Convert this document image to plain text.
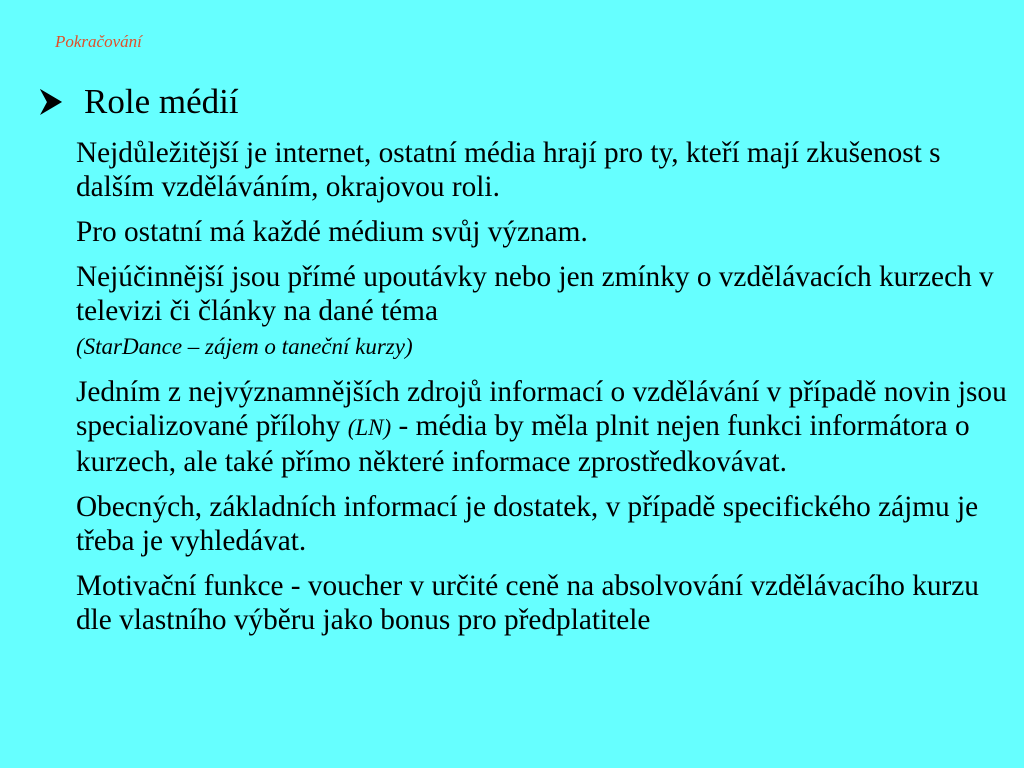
Pokračování

Role médií

Nejdůležitější je internet, ostatní média hrají pro ty, kteří mají zkušenost s dalším vzděláváním, okrajovou roli.

Pro ostatní má každé médium svůj význam.

Nejúčinnější jsou přímé upoutávky nebo jen zmínky o vzdělávacích kurzech v televizi či články na dané téma
(StarDance – zájem o taneční kurzy)

Jedním z nejvýznamnějších zdrojů informací o vzdělávání v případě novin jsou specializované přílohy (LN) - média by měla plnit nejen funkci informátora o kurzech, ale také přímo některé informace zprostředkovávat.

Obecných, základních informací je dostatek, v případě specifického zájmu je třeba je vyhledávat.

Motivační funkce - voucher v určité ceně na absolvování vzdělávacího kurzu dle vlastního výběru jako bonus pro předplatitele
